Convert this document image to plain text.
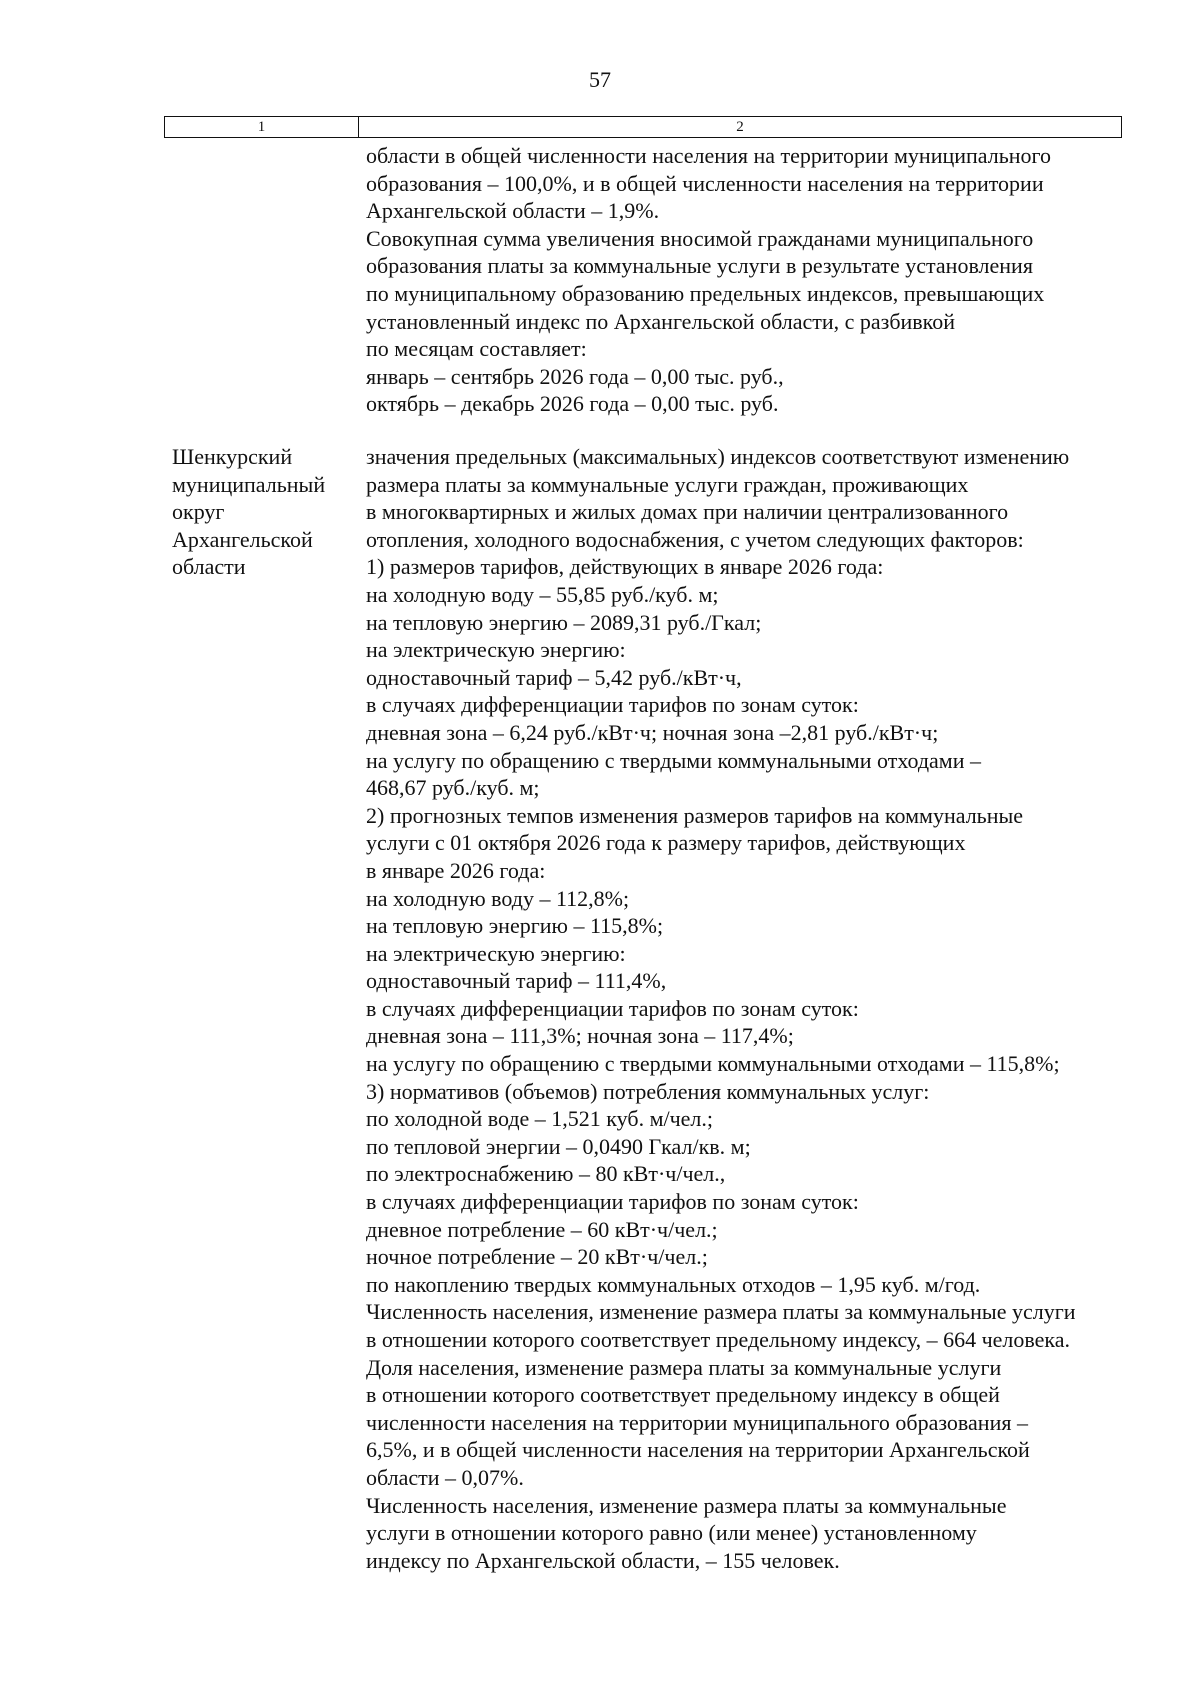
57
1	2
области в общей численности населения на территории муниципального
образования – 100,0%, и в общей численности населения на территории
Архангельской области – 1,9%.
Совокупная сумма увеличения вносимой гражданами муниципального
образования платы за коммунальные услуги в результате установления
по муниципальному образованию предельных индексов, превышающих
установленный индекс по Архангельской области, с разбивкой
по месяцам составляет:
январь – сентябрь 2026 года – 0,00 тыс. руб.,
октябрь – декабрь 2026 года – 0,00 тыс. руб.
Шенкурский
муниципальный
округ
Архангельской
области
значения предельных (максимальных) индексов соответствуют изменению
размера платы за коммунальные услуги граждан, проживающих
в многоквартирных и жилых домах при наличии централизованного
отопления, холодного водоснабжения, с учетом следующих факторов:
1) размеров тарифов, действующих в январе 2026 года:
на холодную воду – 55,85 руб./куб. м;
на тепловую энергию – 2089,31 руб./Гкал;
на электрическую энергию:
одноставочный тариф – 5,42 руб./кВт·ч,
в случаях дифференциации тарифов по зонам суток:
дневная зона – 6,24 руб./кВт·ч; ночная зона –2,81 руб./кВт·ч;
на услугу по обращению с твердыми коммунальными отходами –
468,67 руб./куб. м;
2) прогнозных темпов изменения размеров тарифов на коммунальные
услуги с 01 октября 2026 года к размеру тарифов, действующих
в январе 2026 года:
на холодную воду – 112,8%;
на тепловую энергию – 115,8%;
на электрическую энергию:
одноставочный тариф – 111,4%,
в случаях дифференциации тарифов по зонам суток:
дневная зона – 111,3%; ночная зона – 117,4%;
на услугу по обращению с твердыми коммунальными отходами – 115,8%;
3) нормативов (объемов) потребления коммунальных услуг:
по холодной воде – 1,521 куб. м/чел.;
по тепловой энергии – 0,0490 Гкал/кв. м;
по электроснабжению – 80 кВт·ч/чел.,
в случаях дифференциации тарифов по зонам суток:
дневное потребление – 60 кВт·ч/чел.;
ночное потребление – 20 кВт·ч/чел.;
по накоплению твердых коммунальных отходов – 1,95 куб. м/год.
Численность населения, изменение размера платы за коммунальные услуги
в отношении которого соответствует предельному индексу, – 664 человека.
Доля населения, изменение размера платы за коммунальные услуги
в отношении которого соответствует предельному индексу в общей
численности населения на территории муниципального образования –
6,5%, и в общей численности населения на территории Архангельской
области – 0,07%.
Численность населения, изменение размера платы за коммунальные
услуги в отношении которого равно (или менее) установленному
индексу по Архангельской области, – 155 человек.
